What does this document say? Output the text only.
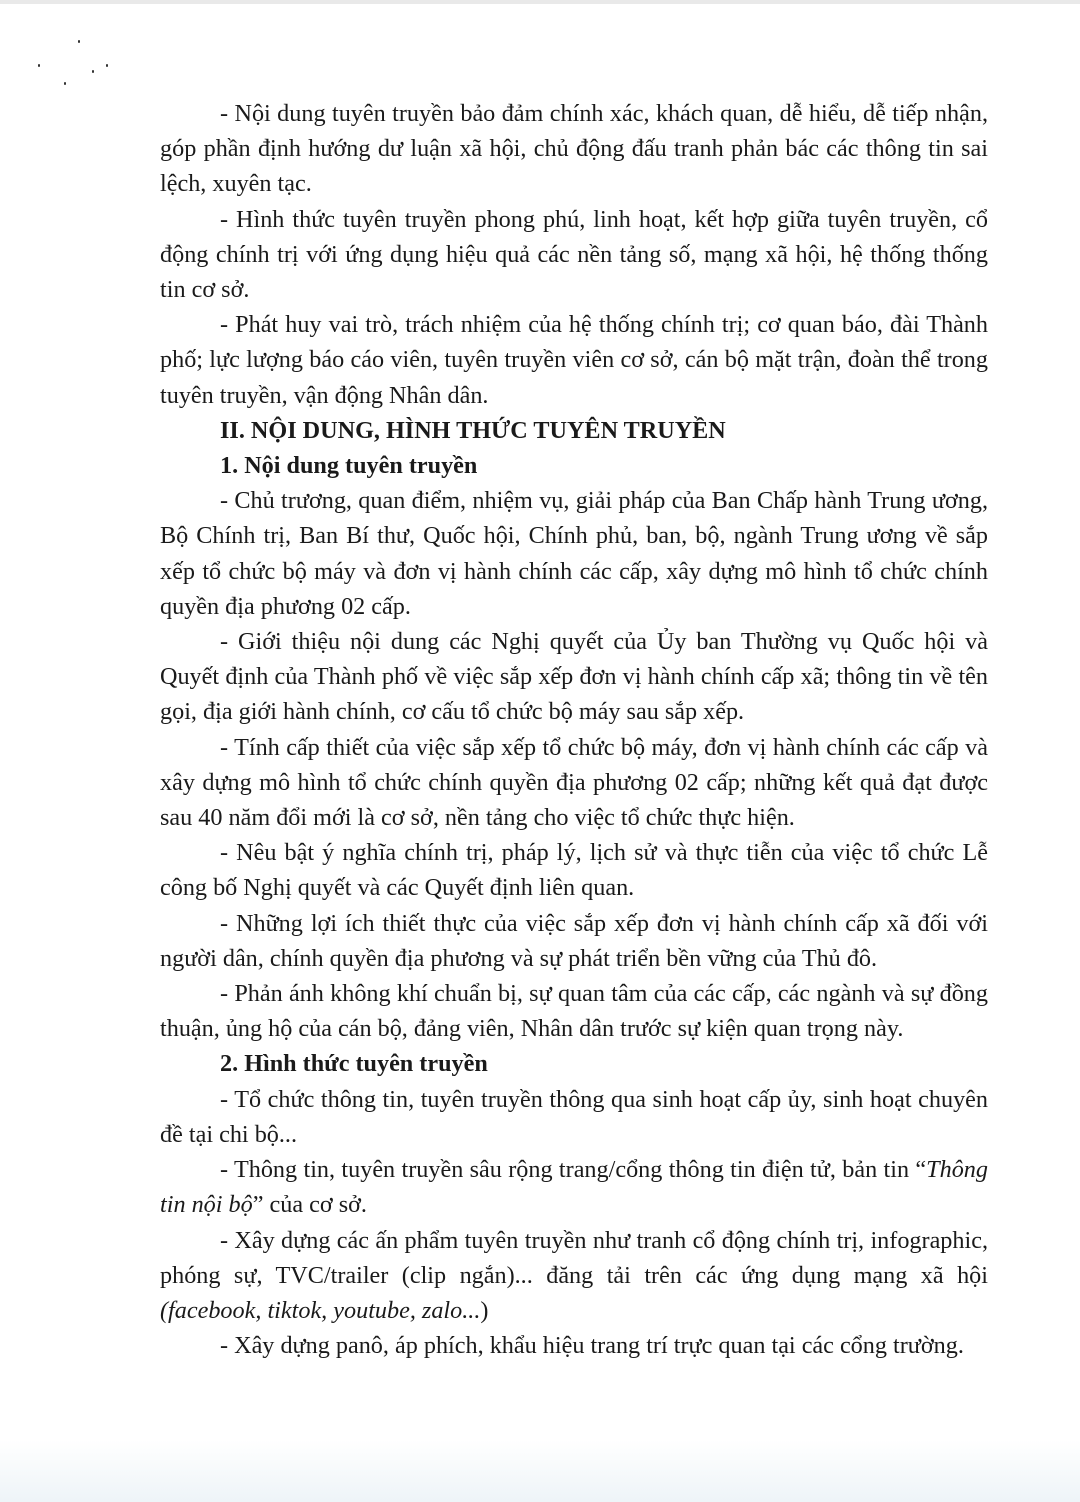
- Nội dung tuyên truyền bảo đảm chính xác, khách quan, dễ hiểu, dễ tiếp nhận, góp phần định hướng dư luận xã hội, chủ động đấu tranh phản bác các thông tin sai lệch, xuyên tạc.

- Hình thức tuyên truyền phong phú, linh hoạt, kết hợp giữa tuyên truyền, cổ động chính trị với ứng dụng hiệu quả các nền tảng số, mạng xã hội, hệ thống thống tin cơ sở.

- Phát huy vai trò, trách nhiệm của hệ thống chính trị; cơ quan báo, đài Thành phố; lực lượng báo cáo viên, tuyên truyền viên cơ sở, cán bộ mặt trận, đoàn thể trong tuyên truyền, vận động Nhân dân.

II. NỘI DUNG, HÌNH THỨC TUYÊN TRUYỀN

1. Nội dung tuyên truyền

- Chủ trương, quan điểm, nhiệm vụ, giải pháp của Ban Chấp hành Trung ương, Bộ Chính trị, Ban Bí thư, Quốc hội, Chính phủ, ban, bộ, ngành Trung ương về sắp xếp tổ chức bộ máy và đơn vị hành chính các cấp, xây dựng mô hình tổ chức chính quyền địa phương 02 cấp.

- Giới thiệu nội dung các Nghị quyết của Ủy ban Thường vụ Quốc hội và Quyết định của Thành phố về việc sắp xếp đơn vị hành chính cấp xã; thông tin về tên gọi, địa giới hành chính, cơ cấu tổ chức bộ máy sau sắp xếp.

- Tính cấp thiết của việc sắp xếp tổ chức bộ máy, đơn vị hành chính các cấp và xây dựng mô hình tổ chức chính quyền địa phương 02 cấp; những kết quả đạt được sau 40 năm đổi mới là cơ sở, nền tảng cho việc tổ chức thực hiện.

- Nêu bật ý nghĩa chính trị, pháp lý, lịch sử và thực tiễn của việc tổ chức Lễ công bố Nghị quyết và các Quyết định liên quan.

- Những lợi ích thiết thực của việc sắp xếp đơn vị hành chính cấp xã đối với người dân, chính quyền địa phương và sự phát triển bền vững của Thủ đô.

- Phản ánh không khí chuẩn bị, sự quan tâm của các cấp, các ngành và sự đồng thuận, ủng hộ của cán bộ, đảng viên, Nhân dân trước sự kiện quan trọng này.

2. Hình thức tuyên truyền

- Tổ chức thông tin, tuyên truyền thông qua sinh hoạt cấp ủy, sinh hoạt chuyên đề tại chi bộ...

- Thông tin, tuyên truyền sâu rộng trang/cổng thông tin điện tử, bản tin “Thông tin nội bộ” của cơ sở.

- Xây dựng các ấn phẩm tuyên truyền như tranh cổ động chính trị, infographic, phóng sự, TVC/trailer (clip ngắn)... đăng tải trên các ứng dụng mạng xã hội (facebook, tiktok, youtube, zalo...)

- Xây dựng panô, áp phích, khẩu hiệu trang trí trực quan tại các cổng trường.
